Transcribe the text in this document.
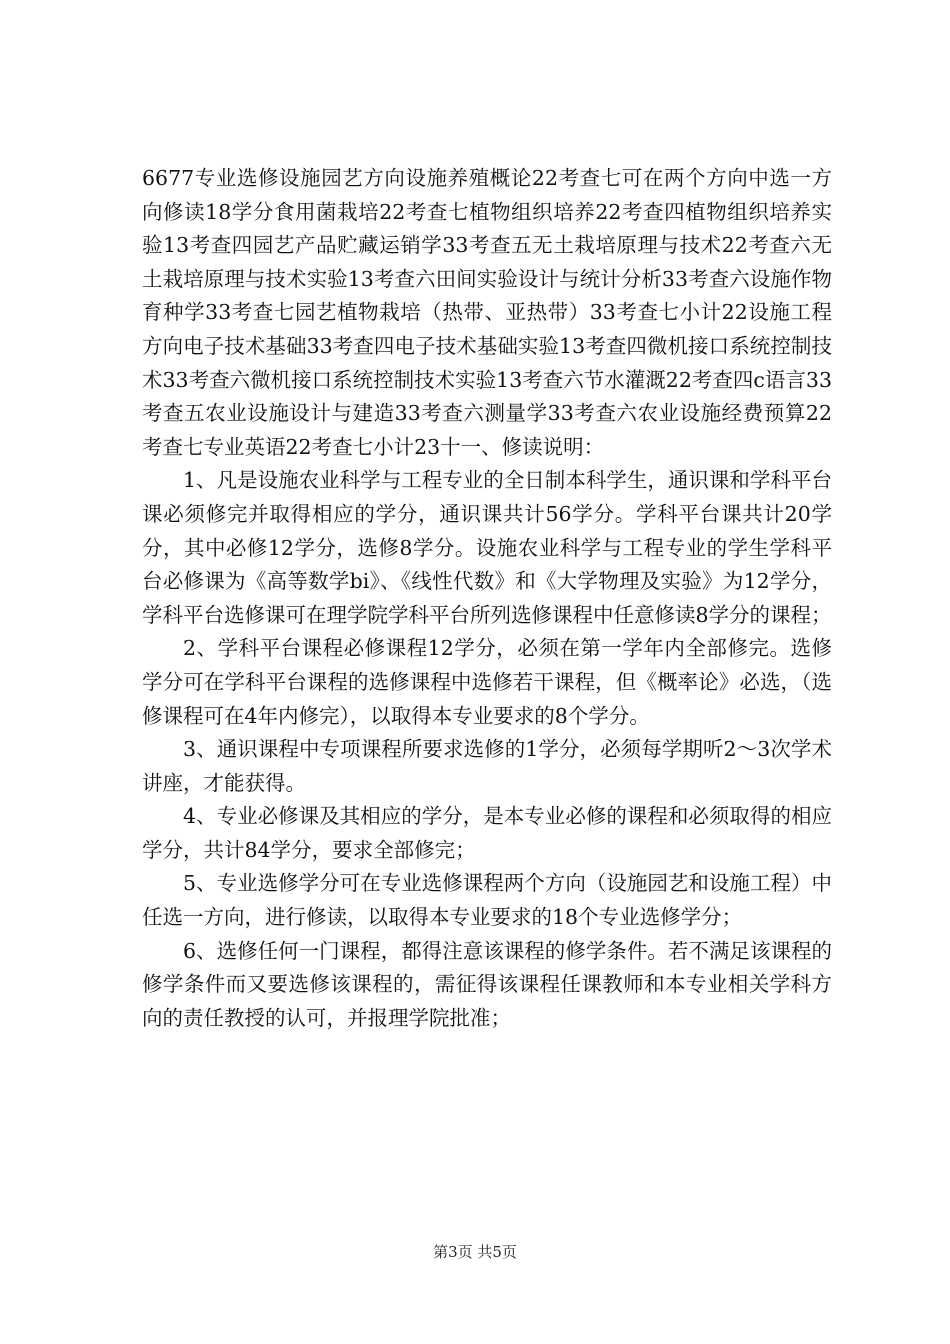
6677专业选修设施园艺方向设施养殖概论22考查七可在两个方向中选一方向修读18学分食用菌栽培22考查七植物组织培养22考查四植物组织培养实验13考查四园艺产品贮藏运销学33考查五无土栽培原理与技术22考查六无土栽培原理与技术实验13考查六田间实验设计与统计分析33考查六设施作物育种学33考查七园艺植物栽培（热带、亚热带）33考查七小计22设施工程方向电子技术基础33考查四电子技术基础实验13考查四微机接口系统控制技术33考查六微机接口系统控制技术实验13考查六节水灌溉22考查四c语言33考查五农业设施设计与建造33考查六测量学33考查六农业设施经费预算22考查七专业英语22考查七小计23十一、修读说明：

1、凡是设施农业科学与工程专业的全日制本科学生，通识课和学科平台课必须修完并取得相应的学分，通识课共计56学分。学科平台课共计20学分，其中必修12学分，选修8学分。设施农业科学与工程专业的学生学科平台必修课为《高等数学bi》、《线性代数》和《大学物理及实验》为12学分，学科平台选修课可在理学院学科平台所列选修课程中任意修读8学分的课程；

2、学科平台课程必修课程12学分，必须在第一学年内全部修完。选修学分可在学科平台课程的选修课程中选修若干课程，但《概率论》必选，（选修课程可在4年内修完），以取得本专业要求的8个学分。

3、通识课程中专项课程所要求选修的1学分，必须每学期听2～3次学术讲座，才能获得。

4、专业必修课及其相应的学分，是本专业必修的课程和必须取得的相应学分，共计84学分，要求全部修完；

5、专业选修学分可在专业选修课程两个方向（设施园艺和设施工程）中任选一方向，进行修读，以取得本专业要求的18个专业选修学分；

6、选修任何一门课程，都得注意该课程的修学条件。若不满足该课程的修学条件而又要选修该课程的，需征得该课程任课教师和本专业相关学科方向的责任教授的认可，并报理学院批准；

第3页 共5页
